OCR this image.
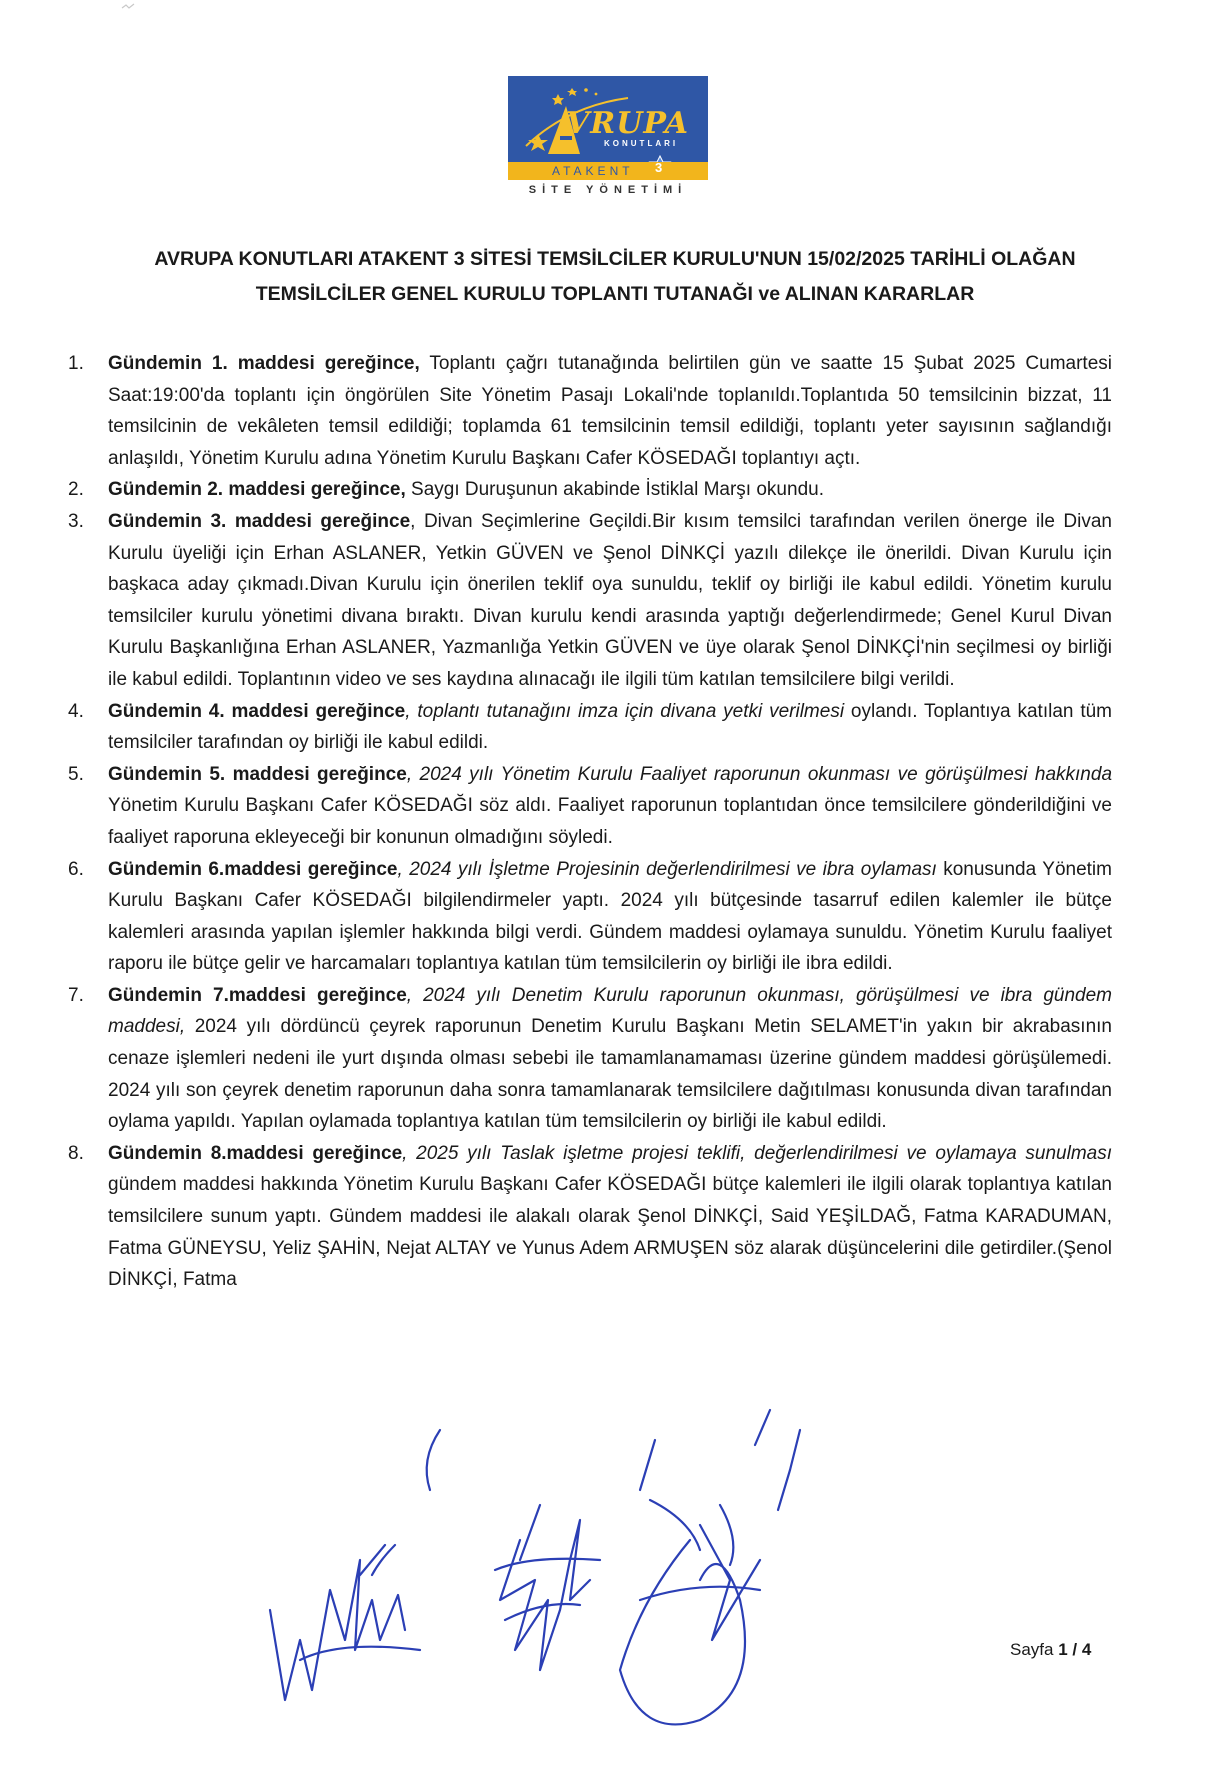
VRUPA
KONUTLARI
ATAKENT 3
SİTE YÖNETİMİ
AVRUPA KONUTLARI ATAKENT 3 SİTESİ TEMSİLCİLER KURULU'NUN 15/02/2025 TARİHLİ OLAĞAN
TEMSİLCİLER GENEL KURULU TOPLANTI TUTANAĞI ve ALINAN KARARLAR
1. Gündemin 1. maddesi gereğince, Toplantı çağrı tutanağında belirtilen gün ve saatte 15 Şubat 2025 Cumartesi Saat:19:00'da toplantı için öngörülen Site Yönetim Pasajı Lokali'nde toplanıldı.Toplantıda 50 temsilcinin bizzat, 11 temsilcinin de vekâleten temsil edildiği; toplamda 61 temsilcinin temsil edildiği, toplantı yeter sayısının sağlandığı anlaşıldı, Yönetim Kurulu adına Yönetim Kurulu Başkanı Cafer KÖSEDAĞI toplantıyı açtı.
2. Gündemin 2. maddesi gereğince, Saygı Duruşunun akabinde İstiklal Marşı okundu.
3. Gündemin 3. maddesi gereğince, Divan Seçimlerine Geçildi.Bir kısım temsilci tarafından verilen önerge ile Divan Kurulu üyeliği için Erhan ASLANER, Yetkin GÜVEN ve Şenol DİNKÇİ yazılı dilekçe ile önerildi. Divan Kurulu için başkaca aday çıkmadı.Divan Kurulu için önerilen teklif oya sunuldu, teklif oy birliği ile kabul edildi. Yönetim kurulu temsilciler kurulu yönetimi divana bıraktı. Divan kurulu kendi arasında yaptığı değerlendirmede; Genel Kurul Divan Kurulu Başkanlığına Erhan ASLANER, Yazmanlığa Yetkin GÜVEN ve üye olarak Şenol DİNKÇİ'nin seçilmesi oy birliği ile kabul edildi. Toplantının video ve ses kaydına alınacağı ile ilgili tüm katılan temsilcilere bilgi verildi.
4. Gündemin 4. maddesi gereğince, toplantı tutanağını imza için divana yetki verilmesi oylandı. Toplantıya katılan tüm temsilciler tarafından oy birliği ile kabul edildi.
5. Gündemin 5. maddesi gereğince, 2024 yılı Yönetim Kurulu Faaliyet raporunun okunması ve görüşülmesi hakkında Yönetim Kurulu Başkanı Cafer KÖSEDAĞI söz aldı. Faaliyet raporunun toplantıdan önce temsilcilere gönderildiğini ve faaliyet raporuna ekleyeceği bir konunun olmadığını söyledi.
6. Gündemin 6.maddesi gereğince, 2024 yılı İşletme Projesinin değerlendirilmesi ve ibra oylaması konusunda Yönetim Kurulu Başkanı Cafer KÖSEDAĞI bilgilendirmeler yaptı. 2024 yılı bütçesinde tasarruf edilen kalemler ile bütçe kalemleri arasında yapılan işlemler hakkında bilgi verdi. Gündem maddesi oylamaya sunuldu. Yönetim Kurulu faaliyet raporu ile bütçe gelir ve harcamaları toplantıya katılan tüm temsilcilerin oy birliği ile ibra edildi.
7. Gündemin 7.maddesi gereğince, 2024 yılı Denetim Kurulu raporunun okunması, görüşülmesi ve ibra gündem maddesi, 2024 yılı dördüncü çeyrek raporunun Denetim Kurulu Başkanı Metin SELAMET'in yakın bir akrabasının cenaze işlemleri nedeni ile yurt dışında olması sebebi ile tamamlanamaması üzerine gündem maddesi görüşülemedi. 2024 yılı son çeyrek denetim raporunun daha sonra tamamlanarak temsilcilere dağıtılması konusunda divan tarafından oylama yapıldı. Yapılan oylamada toplantıya katılan tüm temsilcilerin oy birliği ile kabul edildi.
8. Gündemin 8.maddesi gereğince, 2025 yılı Taslak işletme projesi teklifi, değerlendirilmesi ve oylamaya sunulması gündem maddesi hakkında Yönetim Kurulu Başkanı Cafer KÖSEDAĞI bütçe kalemleri ile ilgili olarak toplantıya katılan temsilcilere sunum yaptı. Gündem maddesi ile alakalı olarak Şenol DİNKÇİ, Said YEŞİLDAĞ, Fatma KARADUMAN, Fatma GÜNEYSU, Yeliz ŞAHİN, Nejat ALTAY ve Yunus Adem ARMUŞEN söz alarak düşüncelerini dile getirdiler.(Şenol DİNKÇİ, Fatma
Sayfa 1 / 4
